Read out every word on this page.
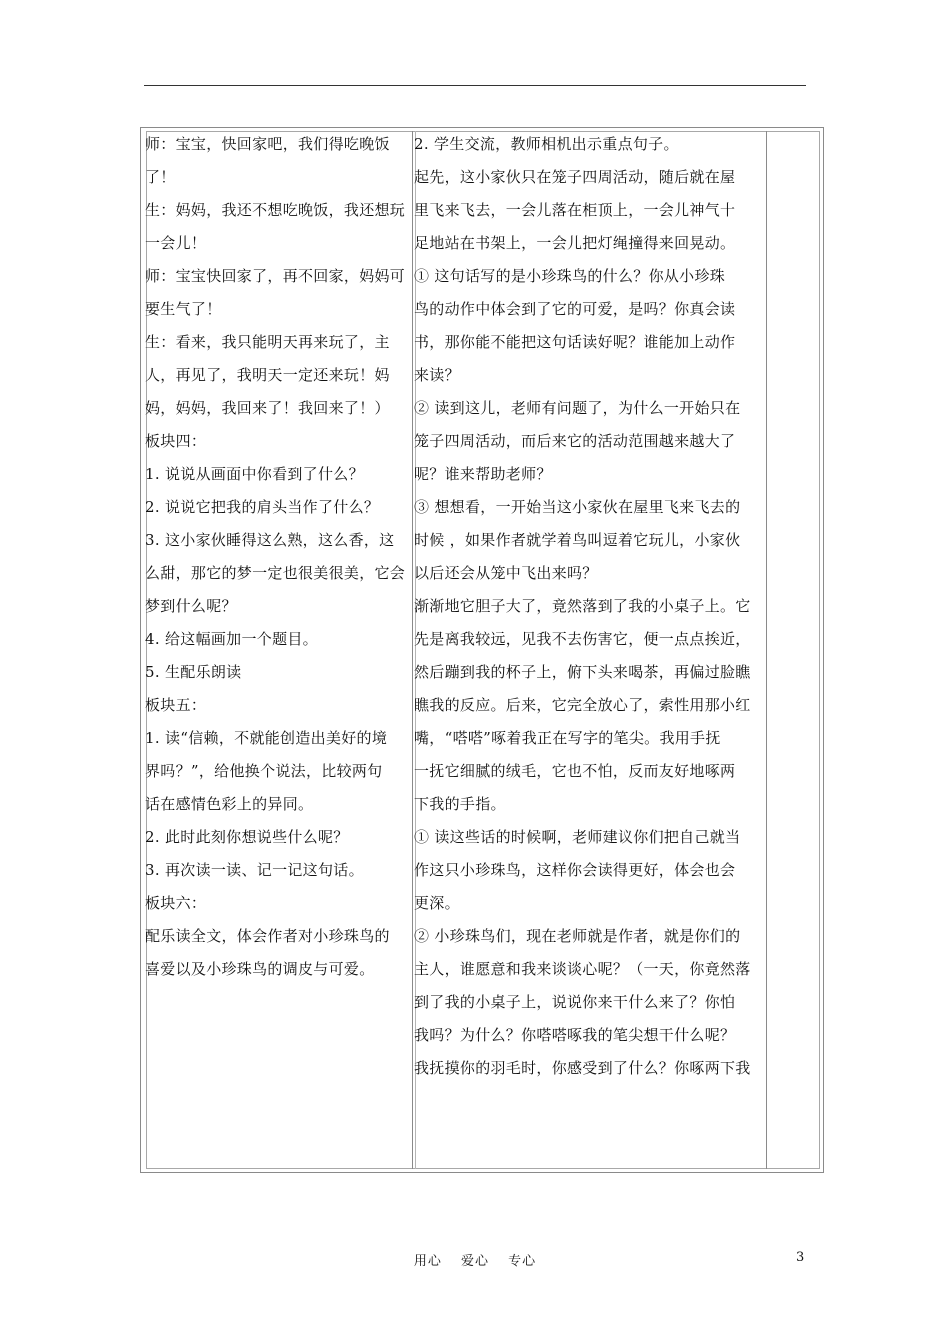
师：宝宝，快回家吧，我们得吃晚饭
了！
生：妈妈，我还不想吃晚饭，我还想玩
一会儿！
师：宝宝快回家了，再不回家，妈妈可
要生气了！
生：看来，我只能明天再来玩了，主
人，再见了，我明天一定还来玩！妈
妈，妈妈，我回来了！我回来了！）
板块四：
1. 说说从画面中你看到了什么？
2. 说说它把我的肩头当作了什么？
3. 这小家伙睡得这么熟，这么香，这
么甜，那它的梦一定也很美很美，它会
梦到什么呢？
4. 给这幅画加一个题目。
5. 生配乐朗读
板块五：
1. 读“信赖，不就能创造出美好的境
界吗？”，给他换个说法，比较两句
话在感情色彩上的异同。
2. 此时此刻你想说些什么呢？
3. 再次读一读、记一记这句话。
板块六：
配乐读全文，体会作者对小珍珠鸟的
喜爱以及小珍珠鸟的调皮与可爱。
2. 学生交流，教师相机出示重点句子。
起先，这小家伙只在笼子四周活动，随后就在屋
里飞来飞去，一会儿落在柜顶上，一会儿神气十
足地站在书架上，一会儿把灯绳撞得来回晃动。
① 这句话写的是小珍珠鸟的什么？你从小珍珠
鸟的动作中体会到了它的可爱，是吗？你真会读
书，那你能不能把这句话读好呢？谁能加上动作
来读？
② 读到这儿，老师有问题了，为什么一开始只在
笼子四周活动，而后来它的活动范围越来越大了
呢？谁来帮助老师？
③ 想想看，一开始当这小家伙在屋里飞来飞去的
时候 ，如果作者就学着鸟叫逗着它玩儿，小家伙
以后还会从笼中飞出来吗？
渐渐地它胆子大了，竟然落到了我的小桌子上。它
先是离我较远，见我不去伤害它，便一点点挨近，
然后蹦到我的杯子上，俯下头来喝茶，再偏过脸瞧
瞧我的反应。后来，它完全放心了，索性用那小红
嘴，“嗒嗒”啄着我正在写字的笔尖。我用手抚
一抚它细腻的绒毛，它也不怕，反而友好地啄两
下我的手指。
① 读这些话的时候啊，老师建议你们把自己就当
作这只小珍珠鸟，这样你会读得更好，体会也会
更深。
② 小珍珠鸟们，现在老师就是作者，就是你们的
主人，谁愿意和我来谈谈心呢？（一天，你竟然落
到了我的小桌子上，说说你来干什么来了？你怕
我吗？为什么？你嗒嗒啄我的笔尖想干什么呢？
我抚摸你的羽毛时，你感受到了什么？你啄两下我
用心 爱心 专心	3
